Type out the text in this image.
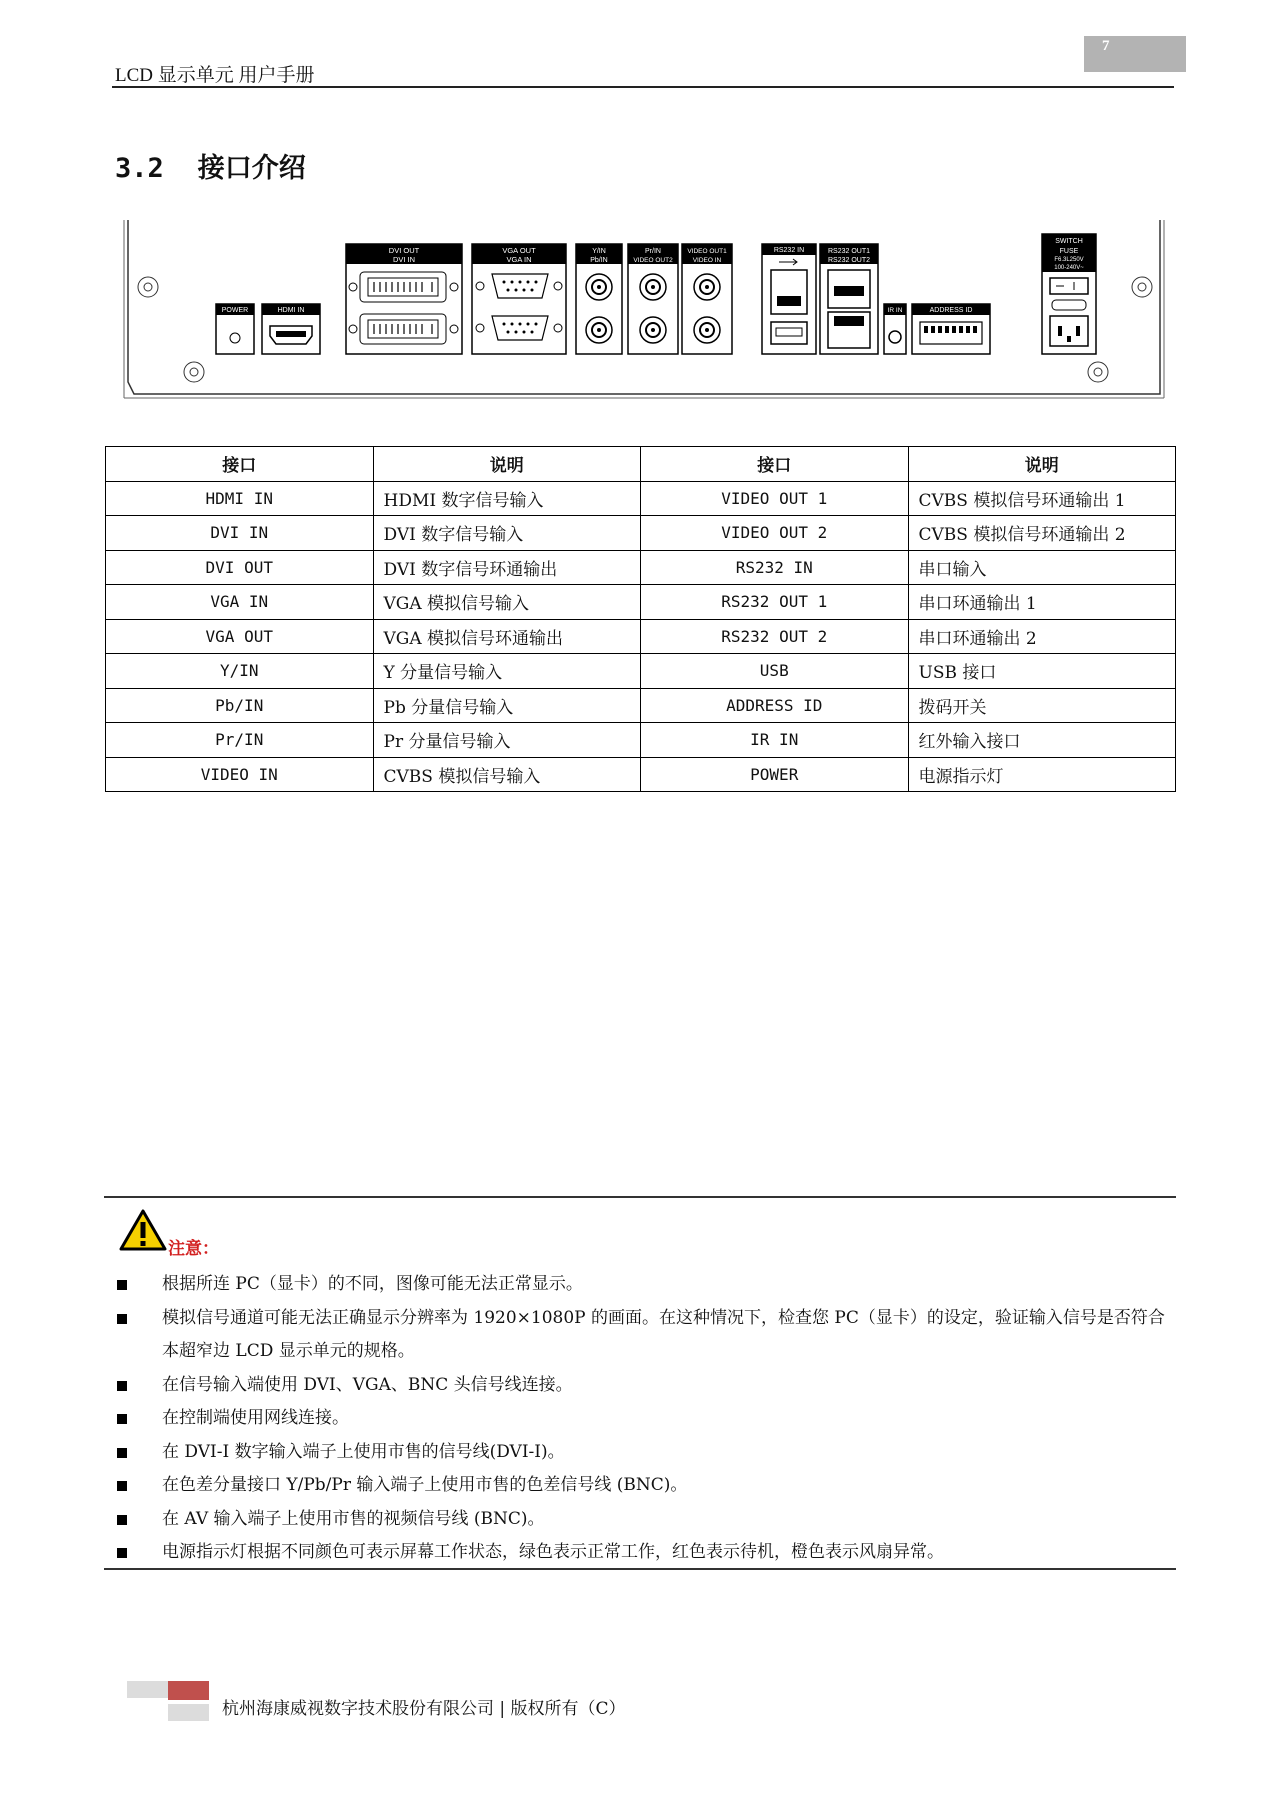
7
LCD 显示单元 用户手册
3.2 接口介绍
POWER	HDMI IN
DVI OUT
DVI IN
VGA OUT
VGA IN
Y/IN
Pb/IN
Pr/IN
VIDEO OUT2
VIDEO OUT1
VIDEO IN
RS232 IN	RS232 OUT1
RS232 OUT2
IR IN	ADDRESS ID
SWITCH
FUSE
F6.3L250V
100-240V~
接口	说明	接口	说明
HDMI IN	HDMI 数字信号输入	VIDEO OUT 1	CVBS 模拟信号环通输出 1
DVI IN	DVI 数字信号输入	VIDEO OUT 2	CVBS 模拟信号环通输出 2
DVI OUT	DVI 数字信号环通输出	RS232 IN	串口输入
VGA IN	VGA 模拟信号输入	RS232 OUT 1	串口环通输出 1
VGA OUT	VGA 模拟信号环通输出	RS232 OUT 2	串口环通输出 2
Y/IN	Y 分量信号输入	USB	USB 接口
Pb/IN	Pb 分量信号输入	ADDRESS ID	拨码开关
Pr/IN	Pr 分量信号输入	IR IN	红外输入接口
VIDEO IN	CVBS 模拟信号输入	POWER	电源指示灯
注意：
根据所连 PC（显卡）的不同，图像可能无法正常显示。
模拟信号通道可能无法正确显示分辨率为 1920×1080P 的画面。在这种情况下，检查您 PC（显卡）的设定，验证输入信号是否符合本超窄边 LCD 显示单元的规格。
在信号输入端使用 DVI、VGA、BNC 头信号线连接。
在控制端使用网线连接。
在 DVI-I 数字输入端子上使用市售的信号线(DVI-I)。
在色差分量接口 Y/Pb/Pr 输入端子上使用市售的色差信号线 (BNC)。
在 AV 输入端子上使用市售的视频信号线 (BNC)。
电源指示灯根据不同颜色可表示屏幕工作状态，绿色表示正常工作，红色表示待机，橙色表示风扇异常。
杭州海康威视数字技术股份有限公司 | 版权所有（C）
